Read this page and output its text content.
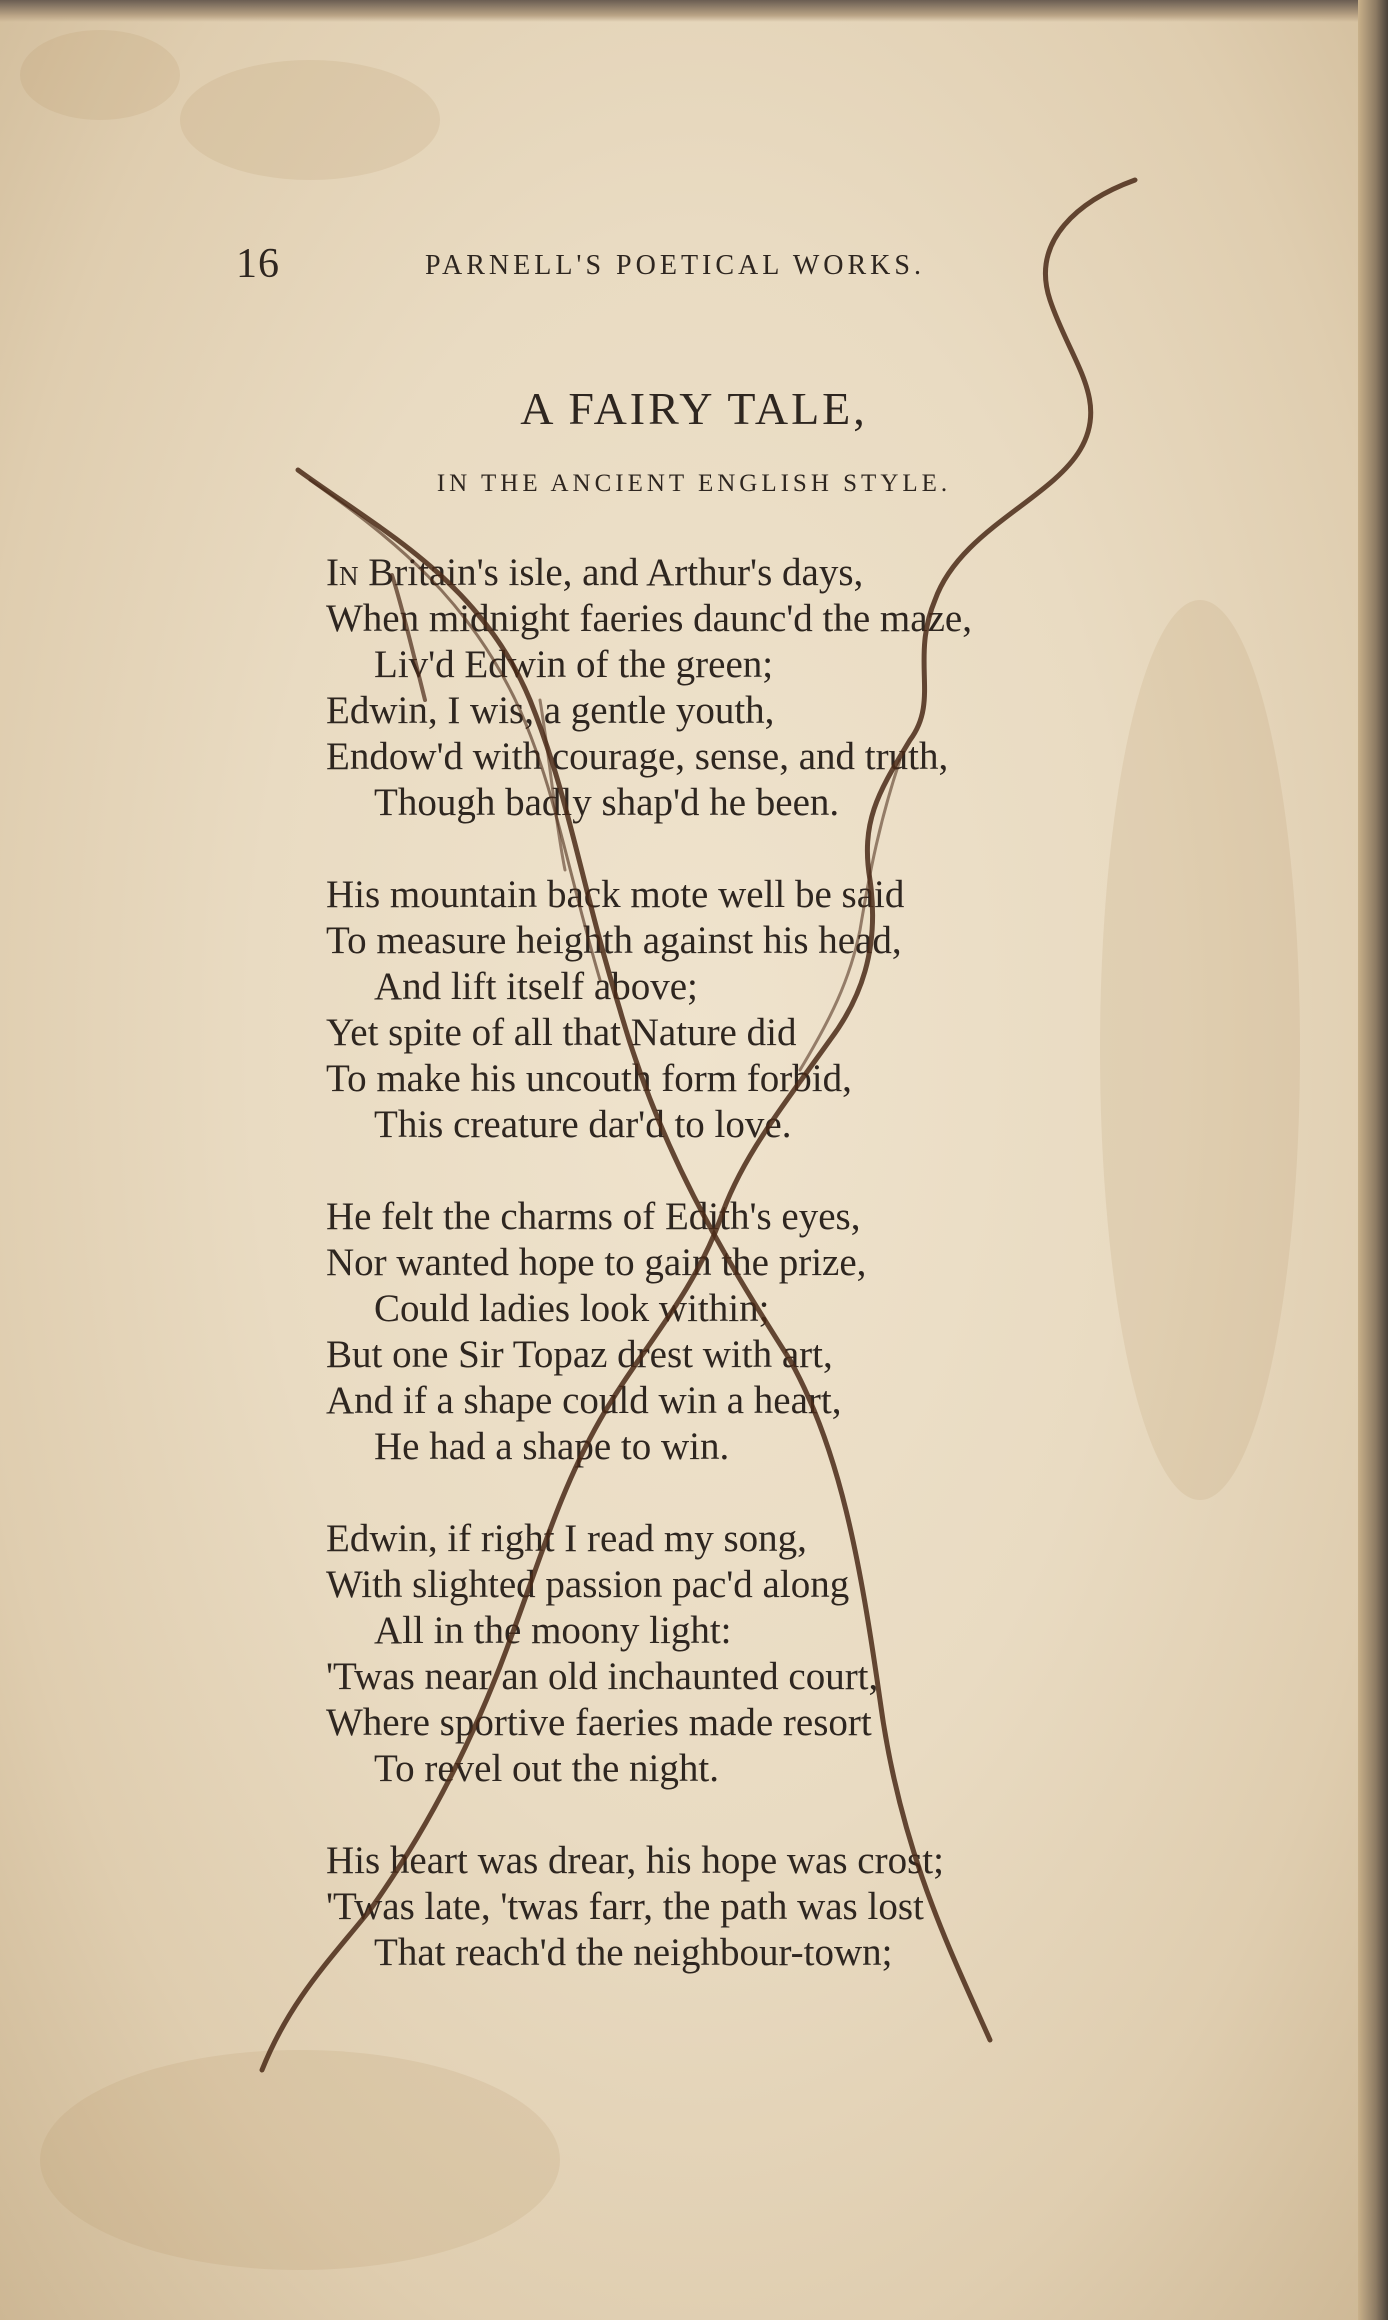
16	PARNELL'S POETICAL WORKS.
A FAIRY TALE,
IN THE ANCIENT ENGLISH STYLE.
In Britain's isle, and Arthur's days,
When midnight faeries daunc'd the maze,
Liv'd Edwin of the green;
Edwin, I wis, a gentle youth,
Endow'd with courage, sense, and truth,
Though badly shap'd he been.
His mountain back mote well be said
To measure heighth against his head,
And lift itself above;
Yet spite of all that Nature did
To make his uncouth form forbid,
This creature dar'd to love.
He felt the charms of Edith's eyes,
Nor wanted hope to gain the prize,
Could ladies look within;
But one Sir Topaz drest with art,
And if a shape could win a heart,
He had a shape to win.
Edwin, if right I read my song,
With slighted passion pac'd along
All in the moony light:
'Twas near an old inchaunted court,
Where sportive faeries made resort
To revel out the night.
His heart was drear, his hope was crost;
'Twas late, 'twas farr, the path was lost
That reach'd the neighbour-town;
